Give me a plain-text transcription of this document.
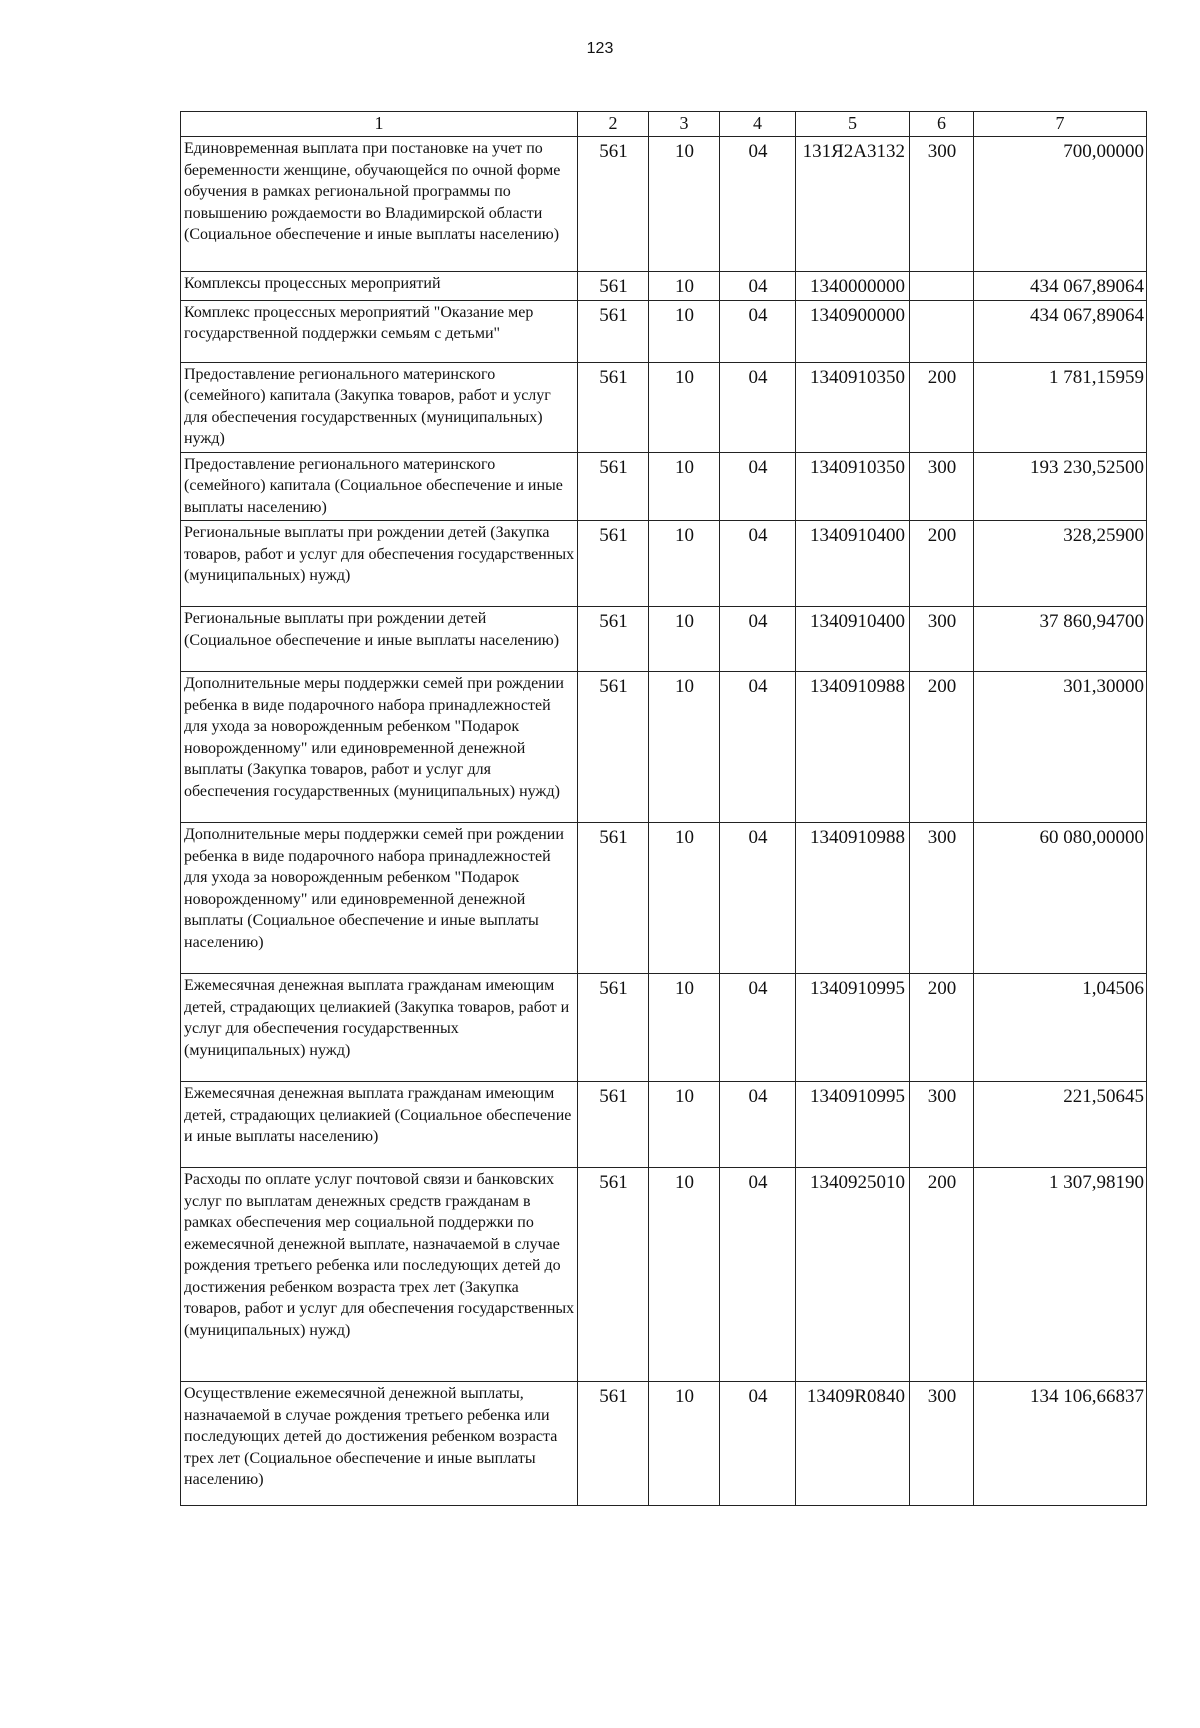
123
1	2	3	4	5	6	7
Единовременная выплата при постановке на учет по беременности женщине, обучающейся по очной форме обучения в рамках региональной программы по повышению рождаемости во Владимирской области (Социальное обеспечение и иные выплаты населению)	561	10	04	131Я2А3132	300	700,00000
Комплексы процессных мероприятий	561	10	04	1340000000		434 067,89064
Комплекс процессных мероприятий "Оказание мер государственной поддержки семьям с детьми"	561	10	04	1340900000		434 067,89064
Предоставление регионального материнского (семейного) капитала (Закупка товаров, работ и услуг для обеспечения государственных (муниципальных) нужд)	561	10	04	1340910350	200	1 781,15959
Предоставление регионального материнского (семейного) капитала (Социальное обеспечение и иные выплаты населению)	561	10	04	1340910350	300	193 230,52500
Региональные выплаты при рождении детей (Закупка товаров, работ и услуг для обеспечения государственных (муниципальных) нужд)	561	10	04	1340910400	200	328,25900
Региональные выплаты при рождении детей (Социальное обеспечение и иные выплаты населению)	561	10	04	1340910400	300	37 860,94700
Дополнительные меры поддержки семей при рождении ребенка в виде подарочного набора принадлежностей для ухода за новорожденным ребенком "Подарок новорожденному" или единовременной денежной выплаты (Закупка товаров, работ и услуг для обеспечения государственных (муниципальных) нужд)	561	10	04	1340910988	200	301,30000
Дополнительные меры поддержки семей при рождении ребенка в виде подарочного набора принадлежностей для ухода за новорожденным ребенком "Подарок новорожденному" или единовременной денежной выплаты (Социальное обеспечение и иные выплаты населению)	561	10	04	1340910988	300	60 080,00000
Ежемесячная денежная выплата гражданам имеющим детей, страдающих целиакией (Закупка товаров, работ и услуг для обеспечения государственных (муниципальных) нужд)	561	10	04	1340910995	200	1,04506
Ежемесячная денежная выплата гражданам имеющим детей, страдающих целиакией (Социальное обеспечение и иные выплаты населению)	561	10	04	1340910995	300	221,50645
Расходы по оплате услуг почтовой связи и банковских услуг по выплатам денежных средств гражданам в рамках обеспечения мер социальной поддержки по ежемесячной денежной выплате, назначаемой в случае рождения третьего ребенка или последующих детей до достижения ребенком возраста трех лет (Закупка товаров, работ и услуг для обеспечения государственных (муниципальных) нужд)	561	10	04	1340925010	200	1 307,98190
Осуществление ежемесячной денежной выплаты, назначаемой в случае рождения третьего ребенка или последующих детей до достижения ребенком возраста трех лет (Социальное обеспечение и иные выплаты населению)	561	10	04	13409R0840	300	134 106,66837
